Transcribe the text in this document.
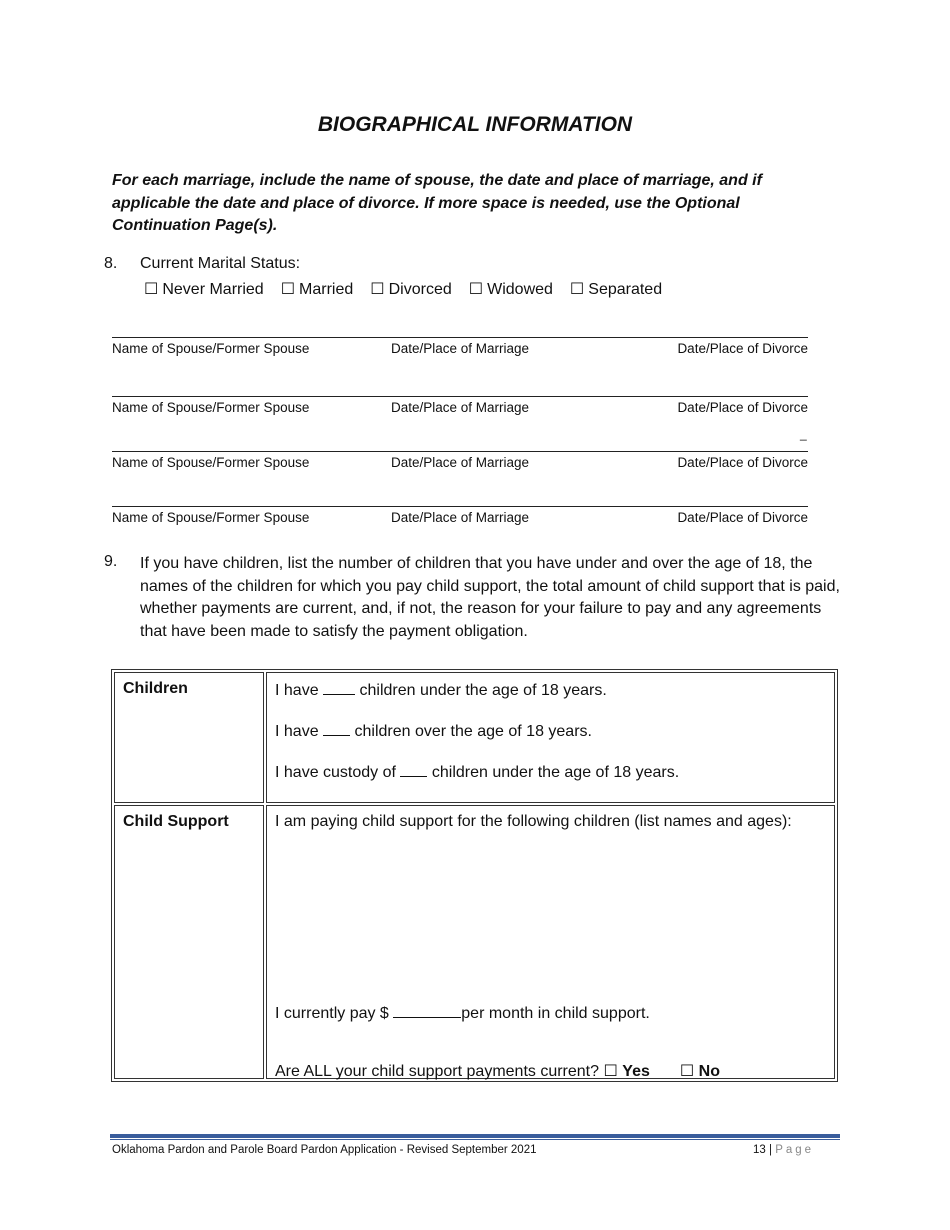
BIOGRAPHICAL INFORMATION
For each marriage, include the name of spouse, the date and place of marriage, and if applicable the date and place of divorce. If more space is needed, use the Optional Continuation Page(s).
8. Current Marital Status:
☐ Never Married ☐ Married ☐ Divorced ☐ Widowed ☐ Separated
Name of Spouse/Former Spouse	Date/Place of Marriage	Date/Place of Divorce
Name of Spouse/Former Spouse	Date/Place of Marriage	Date/Place of Divorce
_
Name of Spouse/Former Spouse	Date/Place of Marriage	Date/Place of Divorce
Name of Spouse/Former Spouse	Date/Place of Marriage	Date/Place of Divorce
9. If you have children, list the number of children that you have under and over the age of 18, the names of the children for which you pay child support, the total amount of child support that is paid, whether payments are current, and, if not, the reason for your failure to pay and any agreements that have been made to satisfy the payment obligation.
Children	I have children under the age of 18 years.
I have children over the age of 18 years.
I have custody of children under the age of 18 years.

Child Support	I am paying child support for the following children (list names and ages):
I currently pay $ per month in child support.
Are ALL your child support payments current? ☐ Yes ☐ No
Oklahoma Pardon and Parole Board Pardon Application - Revised September 2021	13 | Page
